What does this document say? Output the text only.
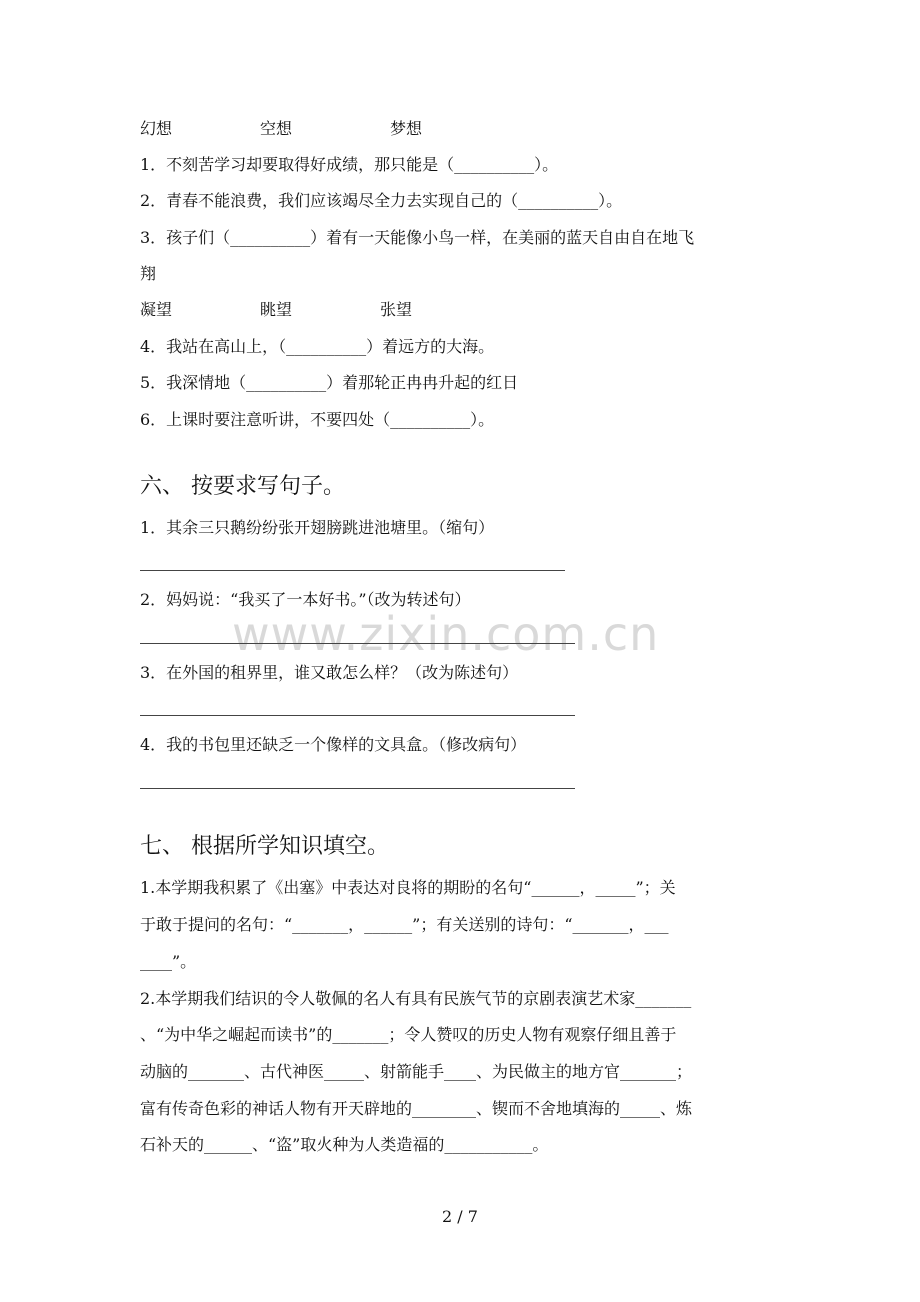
www.zixin.com.cn
幻想	空想	梦想
1．不刻苦学习却要取得好成绩，那只能是（__________）。
2．青春不能浪费，我们应该竭尽全力去实现自己的（__________）。
3．孩子们（__________）着有一天能像小鸟一样，在美丽的蓝天自由自在地飞
翔
凝望	眺望	张望
4．我站在高山上，（__________）着远方的大海。
5．我深情地（__________）着那轮正冉冉升起的红日
6．上课时要注意听讲，不要四处（__________）。
六、 按要求写句子。
1．其余三只鹅纷纷张开翅膀跳进池塘里。（缩句）
2．妈妈说：“我买了一本好书。”（改为转述句）
3．在外国的租界里，谁又敢怎么样？（改为陈述句）
4．我的书包里还缺乏一个像样的文具盒。（修改病句）
七、 根据所学知识填空。
1.本学期我积累了《出塞》中表达对良将的期盼的名句“______，_____”；关
于敢于提问的名句：“_______，______”；有关送别的诗句：“_______，___
____”。
2.本学期我们结识的令人敬佩的名人有具有民族气节的京剧表演艺术家_______
、“为中华之崛起而读书”的_______；令人赞叹的历史人物有观察仔细且善于
动脑的_______、古代神医_____、射箭能手____、为民做主的地方官_______；
富有传奇色彩的神话人物有开天辟地的________、锲而不舍地填海的_____、炼
石补天的______、“盗”取火种为人类造福的___________。
2 / 7
